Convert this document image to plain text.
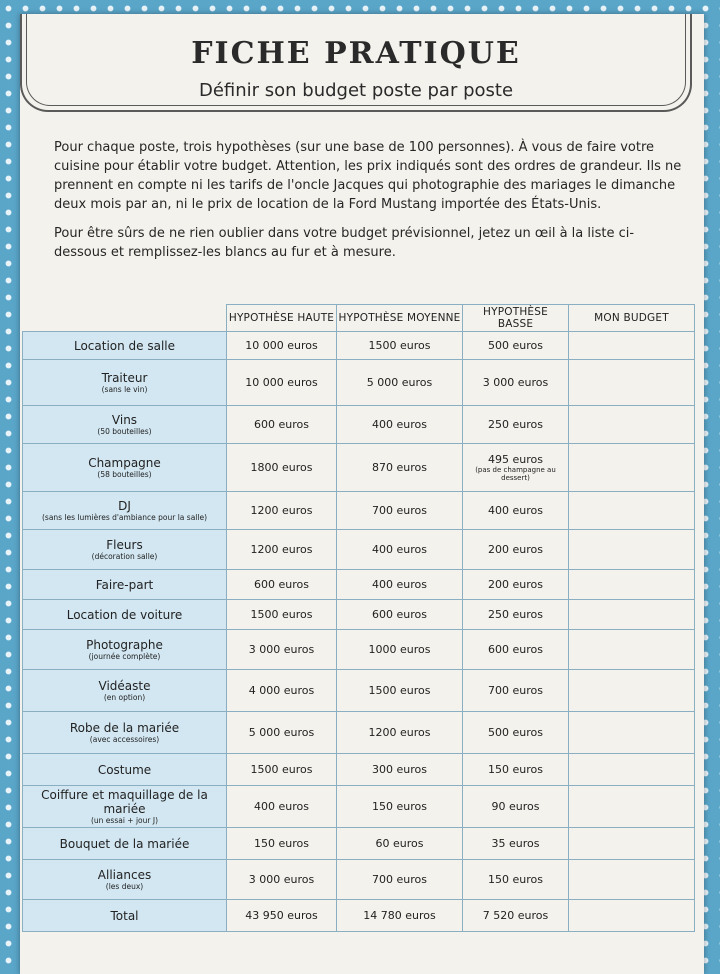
FICHE PRATIQUE
Définir son budget poste par poste

Pour chaque poste, trois hypothèses (sur une base de 100 personnes). À vous de faire votre cuisine pour établir votre budget. Attention, les prix indiqués sont des ordres de grandeur. Ils ne prennent en compte ni les tarifs de l'oncle Jacques qui photographie des mariages le dimanche deux mois par an, ni le prix de location de la Ford Mustang importée des États-Unis.

Pour être sûrs de ne rien oublier dans votre budget prévisionnel, jetez un œil à la liste ci-dessous et remplissez-les blancs au fur et à mesure.

	HYPOTHÈSE HAUTE	HYPOTHÈSE MOYENNE	HYPOTHÈSE BASSE	MON BUDGET

Location de salle	10 000 euros	1500 euros	500 euros	

Traiteur
(sans le vin)	10 000 euros	5 000 euros	3 000 euros	

Vins
(50 bouteilles)	600 euros	400 euros	250 euros	

Champagne
(58 bouteilles)	1800 euros	870 euros	495 euros
(pas de champagne au dessert)	

DJ
(sans les lumières d'ambiance pour la salle)	1200 euros	700 euros	400 euros	

Fleurs
(décoration salle)	1200 euros	400 euros	200 euros	

Faire-part	600 euros	400 euros	200 euros	

Location de voiture	1500 euros	600 euros	250 euros	

Photographe
(journée complète)	3 000 euros	1000 euros	600 euros	

Vidéaste
(en option)	4 000 euros	1500 euros	700 euros	

Robe de la mariée
(avec accessoires)	5 000 euros	1200 euros	500 euros	

Costume	1500 euros	300 euros	150 euros	

Coiffure et maquillage de la mariée
(un essai + jour J)	400 euros	150 euros	90 euros	

Bouquet de la mariée	150 euros	60 euros	35 euros	

Alliances
(les deux)	3 000 euros	700 euros	150 euros	

Total	43 950 euros	14 780 euros	7 520 euros	
